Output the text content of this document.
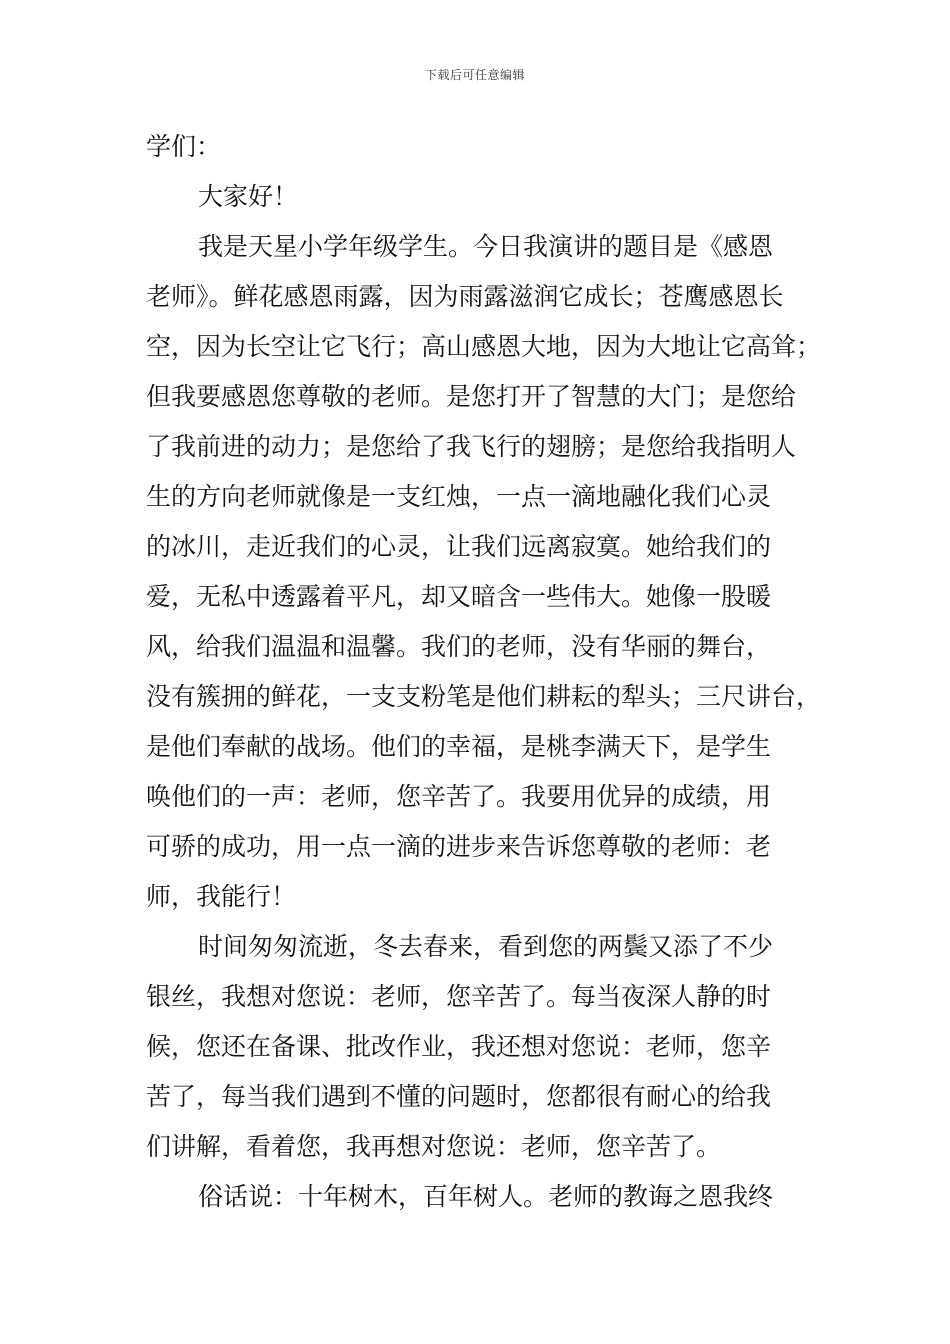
下载后可任意编辑
学们：
大家好！
我是天星小学年级学生。今日我演讲的题目是《感恩
老师》。鲜花感恩雨露，因为雨露滋润它成长；苍鹰感恩长
空，因为长空让它飞行；高山感恩大地，因为大地让它高耸；
但我要感恩您尊敬的老师。是您打开了智慧的大门；是您给
了我前进的动力；是您给了我飞行的翅膀；是您给我指明人
生的方向老师就像是一支红烛，一点一滴地融化我们心灵
的冰川，走近我们的心灵，让我们远离寂寞。她给我们的
爱，无私中透露着平凡，却又暗含一些伟大。她像一股暖
风，给我们温温和温馨。我们的老师，没有华丽的舞台，
没有簇拥的鲜花，一支支粉笔是他们耕耘的犁头；三尺讲台，
是他们奉献的战场。他们的幸福，是桃李满天下，是学生
唤他们的一声：老师，您辛苦了。我要用优异的成绩，用
可骄的成功，用一点一滴的进步来告诉您尊敬的老师：老
师，我能行！
时间匆匆流逝，冬去春来，看到您的两鬓又添了不少
银丝，我想对您说：老师，您辛苦了。每当夜深人静的时
候，您还在备课、批改作业，我还想对您说：老师，您辛
苦了，每当我们遇到不懂的问题时，您都很有耐心的给我
们讲解，看着您，我再想对您说：老师，您辛苦了。
俗话说：十年树木，百年树人。老师的教诲之恩我终
